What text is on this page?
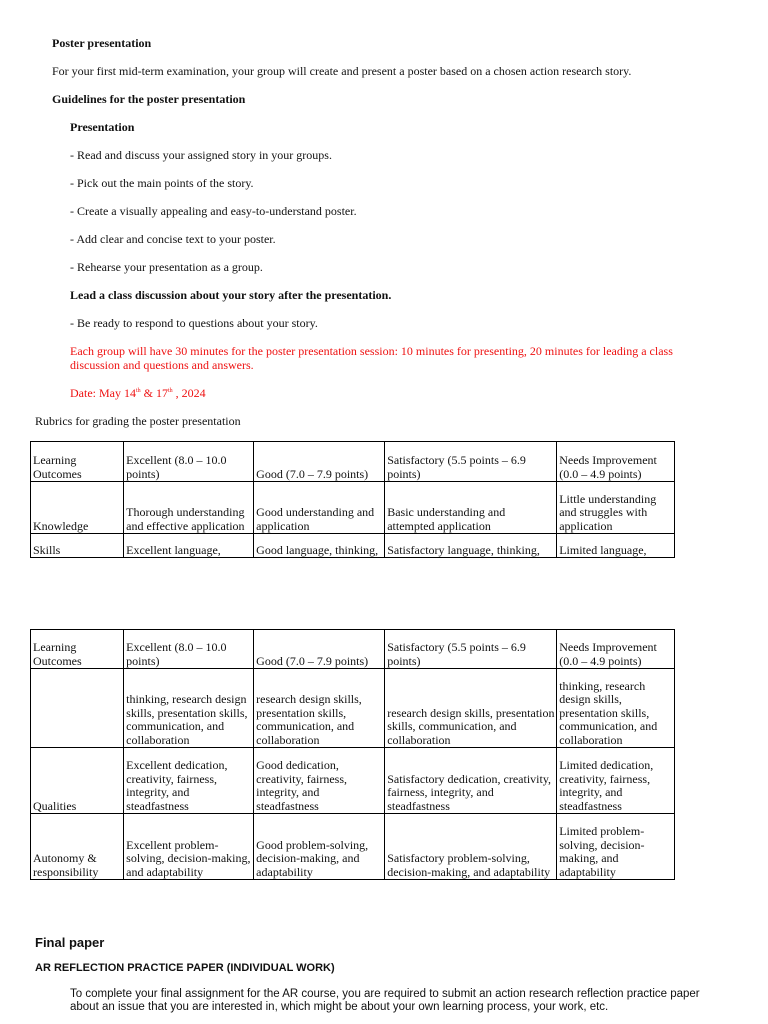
Poster presentation
For your first mid-term examination, your group will create and present a poster based on a chosen action research story.
Guidelines for the poster presentation
Presentation
- Read and discuss your assigned story in your groups.
- Pick out the main points of the story.
- Create a visually appealing and easy-to-understand poster.
- Add clear and concise text to your poster.
- Rehearse your presentation as a group.
Lead a class discussion about your story after the presentation.
- Be ready to respond to questions about your story.
Each group will have 30 minutes for the poster presentation session: 10 minutes for presenting, 20 minutes for leading a class
discussion and questions and answers.
Date: May 14th & 17th , 2024
Rubrics for grading the poster presentation
Learning Outcomes	Excellent (8.0 – 10.0 points)	Good (7.0 – 7.9 points)	Satisfactory (5.5 points – 6.9 points)	Needs Improvement (0.0 – 4.9 points)
Knowledge	Thorough understanding and effective application	Good understanding and application	Basic understanding and attempted application	Little understanding and struggles with application
Skills	Excellent language,	Good language, thinking,	Satisfactory language, thinking,	Limited language,
Learning Outcomes	Excellent (8.0 – 10.0 points)	Good (7.0 – 7.9 points)	Satisfactory (5.5 points – 6.9 points)	Needs Improvement (0.0 – 4.9 points)
	thinking, research design skills, presentation skills, communication, and collaboration	research design skills, presentation skills, communication, and collaboration	research design skills, presentation skills, communication, and collaboration	thinking, research design skills, presentation skills, communication, and collaboration
Qualities	Excellent dedication, creativity, fairness, integrity, and steadfastness	Good dedication, creativity, fairness, integrity, and steadfastness	Satisfactory dedication, creativity, fairness, integrity, and steadfastness	Limited dedication, creativity, fairness, integrity, and steadfastness
Autonomy & responsibility	Excellent problem-solving, decision-making, and adaptability	Good problem-solving, decision-making, and adaptability	Satisfactory problem-solving, decision-making, and adaptability	Limited problem-solving, decision-making, and adaptability
Final paper
AR REFLECTION PRACTICE PAPER (INDIVIDUAL WORK)
To complete your final assignment for the AR course, you are required to submit an action research reflection practice paper
about an issue that you are interested in, which might be about your own learning process, your work, etc.
